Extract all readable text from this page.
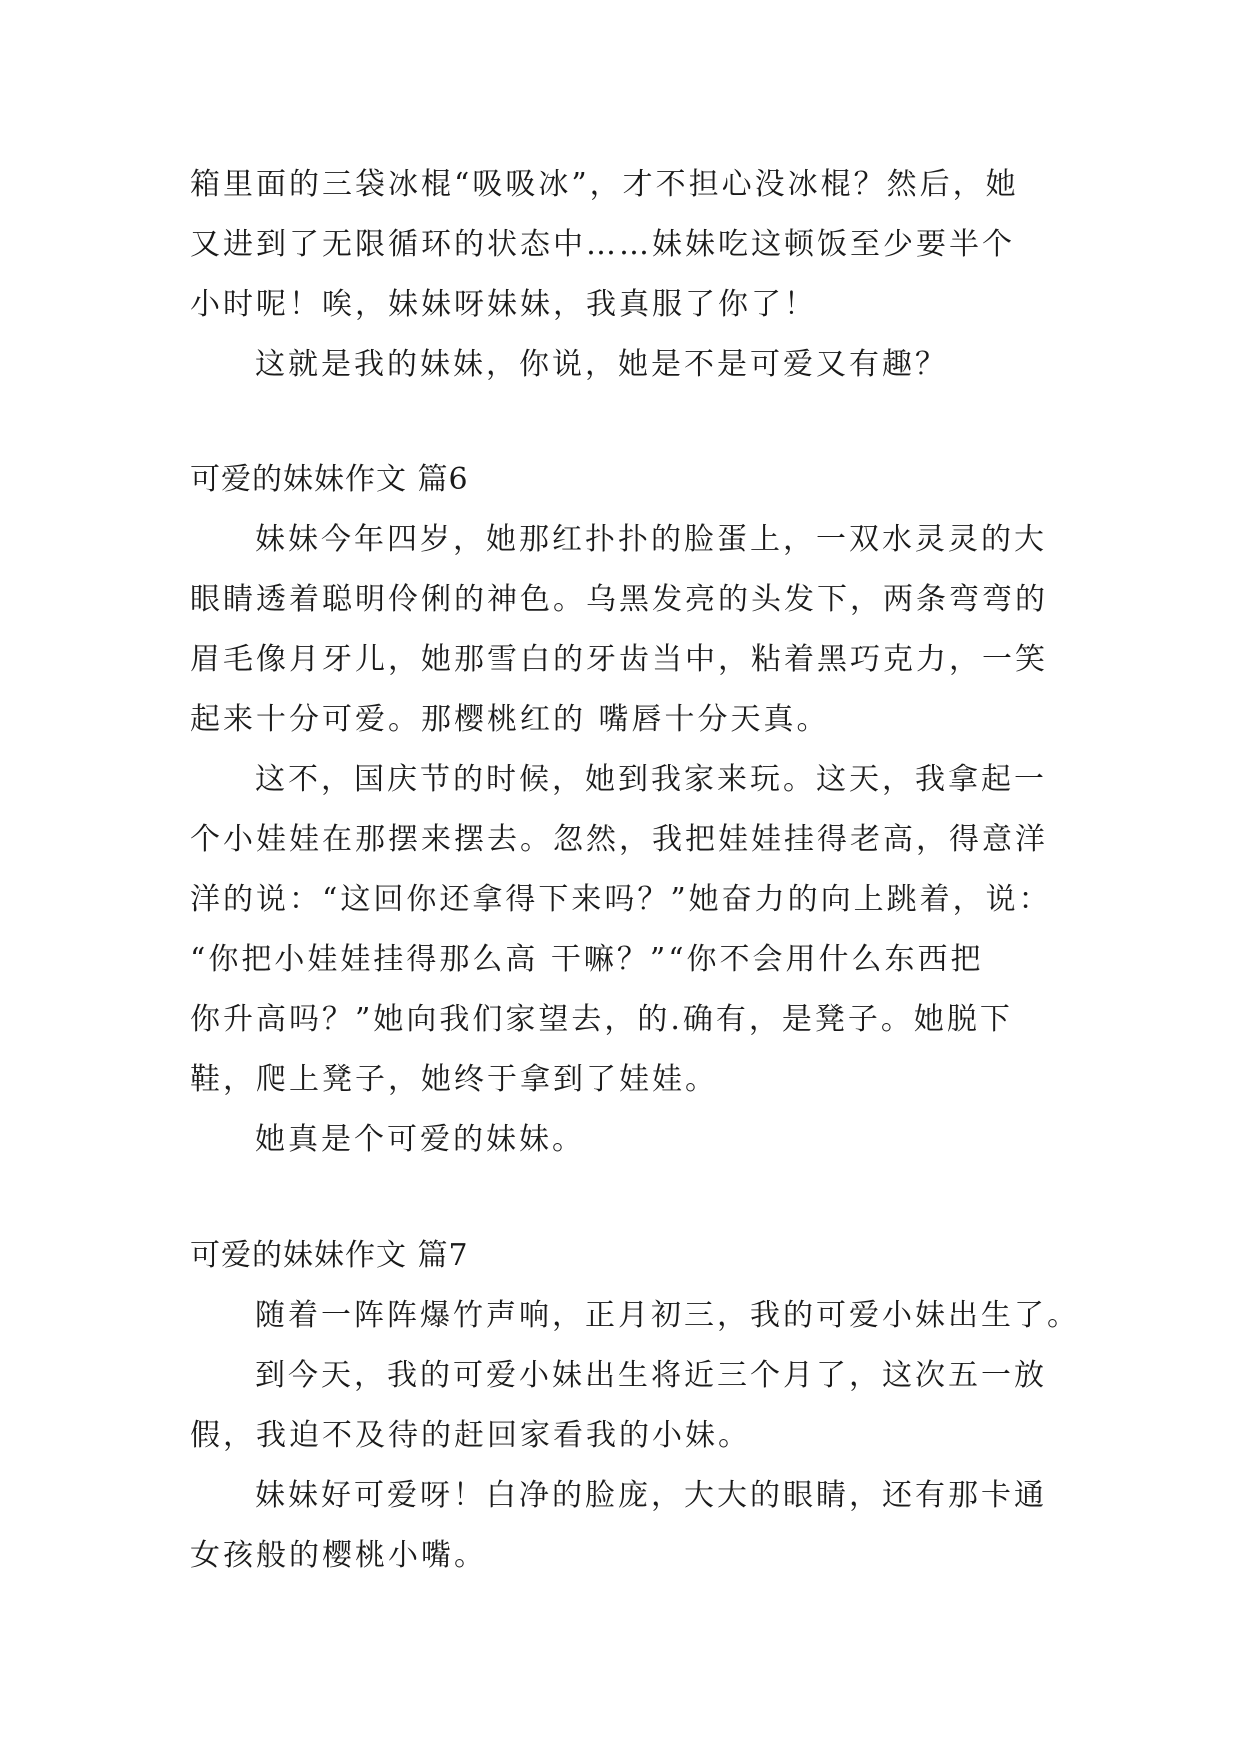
箱里面的三袋冰棍“吸吸冰”，才不担心没冰棍？然后，她
又进到了无限循环的状态中……妹妹吃这顿饭至少要半个
小时呢！唉，妹妹呀妹妹，我真服了你了！
这就是我的妹妹，你说，她是不是可爱又有趣？
可爱的妹妹作文 篇6
妹妹今年四岁，她那红扑扑的脸蛋上，一双水灵灵的大
眼睛透着聪明伶俐的神色。乌黑发亮的头发下，两条弯弯的
眉毛像月牙儿，她那雪白的牙齿当中，粘着黑巧克力，一笑
起来十分可爱。那樱桃红的 嘴唇十分天真。
这不，国庆节的时候，她到我家来玩。这天，我拿起一
个小娃娃在那摆来摆去。忽然，我把娃娃挂得老高，得意洋
洋的说：“这回你还拿得下来吗？”她奋力的向上跳着，说：
“你把小娃娃挂得那么高 干嘛？”“你不会用什么东西把
你升高吗？”她向我们家望去，的.确有，是凳子。她脱下
鞋，爬上凳子，她终于拿到了娃娃。
她真是个可爱的妹妹。
可爱的妹妹作文 篇7
随着一阵阵爆竹声响，正月初三，我的可爱小妹出生了。
到今天，我的可爱小妹出生将近三个月了，这次五一放
假，我迫不及待的赶回家看我的小妹。
妹妹好可爱呀！白净的脸庞，大大的眼睛，还有那卡通
女孩般的樱桃小嘴。
